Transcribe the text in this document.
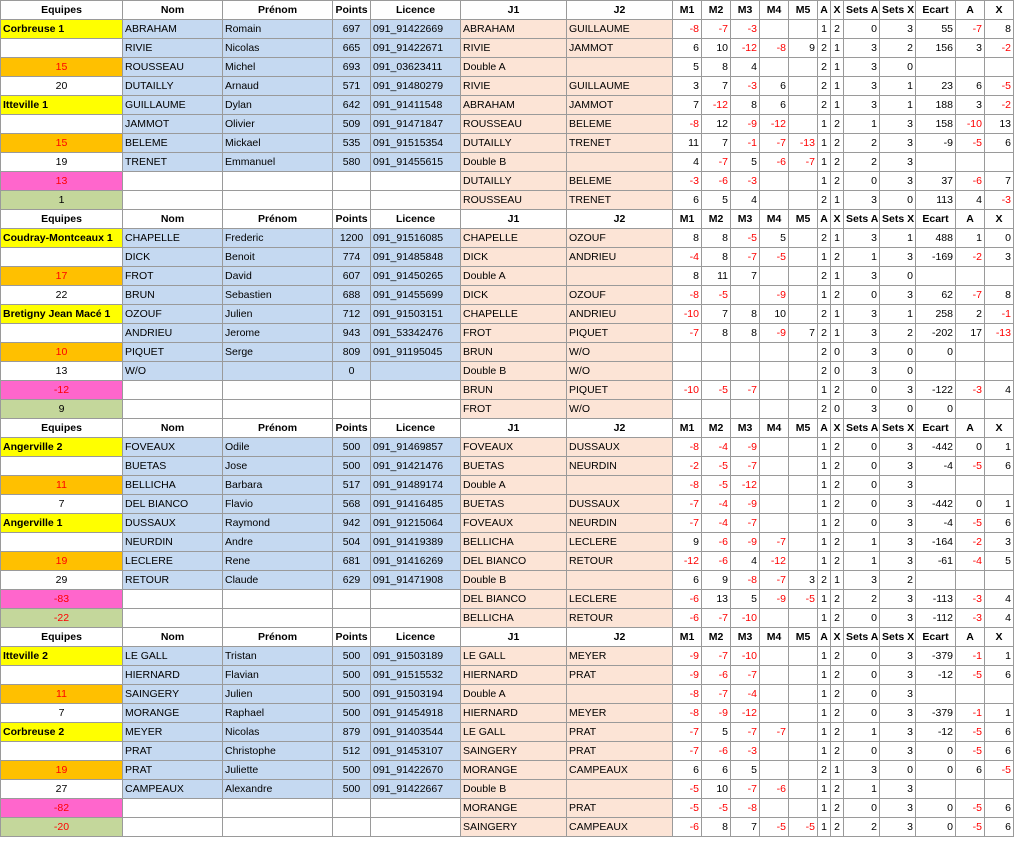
Equipes	Nom	Prénom	Points	Licence	J1	J2	M1	M2	M3	M4	M5	A	X	Sets A	Sets X	Ecart	A	X
Corbreuse 1	ABRAHAM	Romain	697	091_91422669	ABRAHAM	GUILLAUME	-8	-7	-3			1	2	0	3	55	-7	8
	RIVIE	Nicolas	665	091_91422671	RIVIE	JAMMOT	6	10	-12	-8	9	2	1	3	2	156	3	-2
15	ROUSSEAU	Michel	693	091_03623411	Double A		5	8	4			2	1	3	0			
20	DUTAILLY	Arnaud	571	091_91480279	RIVIE	GUILLAUME	3	7	-3	6		2	1	3	1	23	6	-5
Itteville 1	GUILLAUME	Dylan	642	091_91411548	ABRAHAM	JAMMOT	7	-12	8	6		2	1	3	1	188	3	-2
	JAMMOT	Olivier	509	091_91471847	ROUSSEAU	BELEME	-8	12	-9	-12		1	2	1	3	158	-10	13
15	BELEME	Mickael	535	091_91515354	DUTAILLY	TRENET	11	7	-1	-7	-13	1	2	2	3	-9	-5	6
19	TRENET	Emmanuel	580	091_91455615	Double B		4	-7	5	-6	-7	1	2	2	3			
13					DUTAILLY	BELEME	-3	-6	-3			1	2	0	3	37	-6	7
1					ROUSSEAU	TRENET	6	5	4			2	1	3	0	113	4	-3
Equipes	Nom	Prénom	Points	Licence	J1	J2	M1	M2	M3	M4	M5	A	X	Sets A	Sets X	Ecart	A	X
Coudray-Montceaux 1	CHAPELLE	Frederic	1200	091_91516085	CHAPELLE	OZOUF	8	8	-5	5		2	1	3	1	488	1	0
	DICK	Benoit	774	091_91485848	DICK	ANDRIEU	-4	8	-7	-5		1	2	1	3	-169	-2	3
17	FROT	David	607	091_91450265	Double A		8	11	7			2	1	3	0			
22	BRUN	Sebastien	688	091_91455699	DICK	OZOUF	-8	-5		-9		1	2	0	3	62	-7	8
Bretigny Jean Macé 1	OZOUF	Julien	712	091_91503151	CHAPELLE	ANDRIEU	-10	7	8	10		2	1	3	1	258	2	-1
	ANDRIEU	Jerome	943	091_53342476	FROT	PIQUET	-7	8	8	-9	7	2	1	3	2	-202	17	-13
10	PIQUET	Serge	809	091_91195045	BRUN	W/O						2	0	3	0	0		
13	W/O		0		Double B	W/O						2	0	3	0			
-12					BRUN	PIQUET	-10	-5	-7			1	2	0	3	-122	-3	4
9					FROT	W/O						2	0	3	0	0		
Equipes	Nom	Prénom	Points	Licence	J1	J2	M1	M2	M3	M4	M5	A	X	Sets A	Sets X	Ecart	A	X
Angerville 2	FOVEAUX	Odile	500	091_91469857	FOVEAUX	DUSSAUX	-8	-4	-9			1	2	0	3	-442	0	1
	BUETAS	Jose	500	091_91421476	BUETAS	NEURDIN	-2	-5	-7			1	2	0	3	-4	-5	6
11	BELLICHA	Barbara	517	091_91489174	Double A		-8	-5	-12			1	2	0	3			
7	DEL BIANCO	Flavio	568	091_91416485	BUETAS	DUSSAUX	-7	-4	-9			1	2	0	3	-442	0	1
Angerville 1	DUSSAUX	Raymond	942	091_91215064	FOVEAUX	NEURDIN	-7	-4	-7			1	2	0	3	-4	-5	6
	NEURDIN	Andre	504	091_91419389	BELLICHA	LECLERE	9	-6	-9	-7		1	2	1	3	-164	-2	3
19	LECLERE	Rene	681	091_91416269	DEL BIANCO	RETOUR	-12	-6	4	-12		1	2	1	3	-61	-4	5
29	RETOUR	Claude	629	091_91471908	Double B		6	9	-8	-7	3	2	1	3	2			
-83					DEL BIANCO	LECLERE	-6	13	5	-9	-5	1	2	2	3	-113	-3	4
-22					BELLICHA	RETOUR	-6	-7	-10			1	2	0	3	-112	-3	4
Equipes	Nom	Prénom	Points	Licence	J1	J2	M1	M2	M3	M4	M5	A	X	Sets A	Sets X	Ecart	A	X
Itteville 2	LE GALL	Tristan	500	091_91503189	LE GALL	MEYER	-9	-7	-10			1	2	0	3	-379	-1	1
	HIERNARD	Flavian	500	091_91515532	HIERNARD	PRAT	-9	-6	-7			1	2	0	3	-12	-5	6
11	SAINGERY	Julien	500	091_91503194	Double A		-8	-7	-4			1	2	0	3			
7	MORANGE	Raphael	500	091_91454918	HIERNARD	MEYER	-8	-9	-12			1	2	0	3	-379	-1	1
Corbreuse 2	MEYER	Nicolas	879	091_91403544	LE GALL	PRAT	-7	5	-7	-7		1	2	1	3	-12	-5	6
	PRAT	Christophe	512	091_91453107	SAINGERY	PRAT	-7	-6	-3			1	2	0	3	0	-5	6
19	PRAT	Juliette	500	091_91422670	MORANGE	CAMPEAUX	6	6	5			2	1	3	0	0	6	-5
27	CAMPEAUX	Alexandre	500	091_91422667	Double B		-5	10	-7	-6		1	2	1	3			
-82					MORANGE	PRAT	-5	-5	-8			1	2	0	3	0	-5	6
-20					SAINGERY	CAMPEAUX	-6	8	7	-5	-5	1	2	2	3	0	-5	6
